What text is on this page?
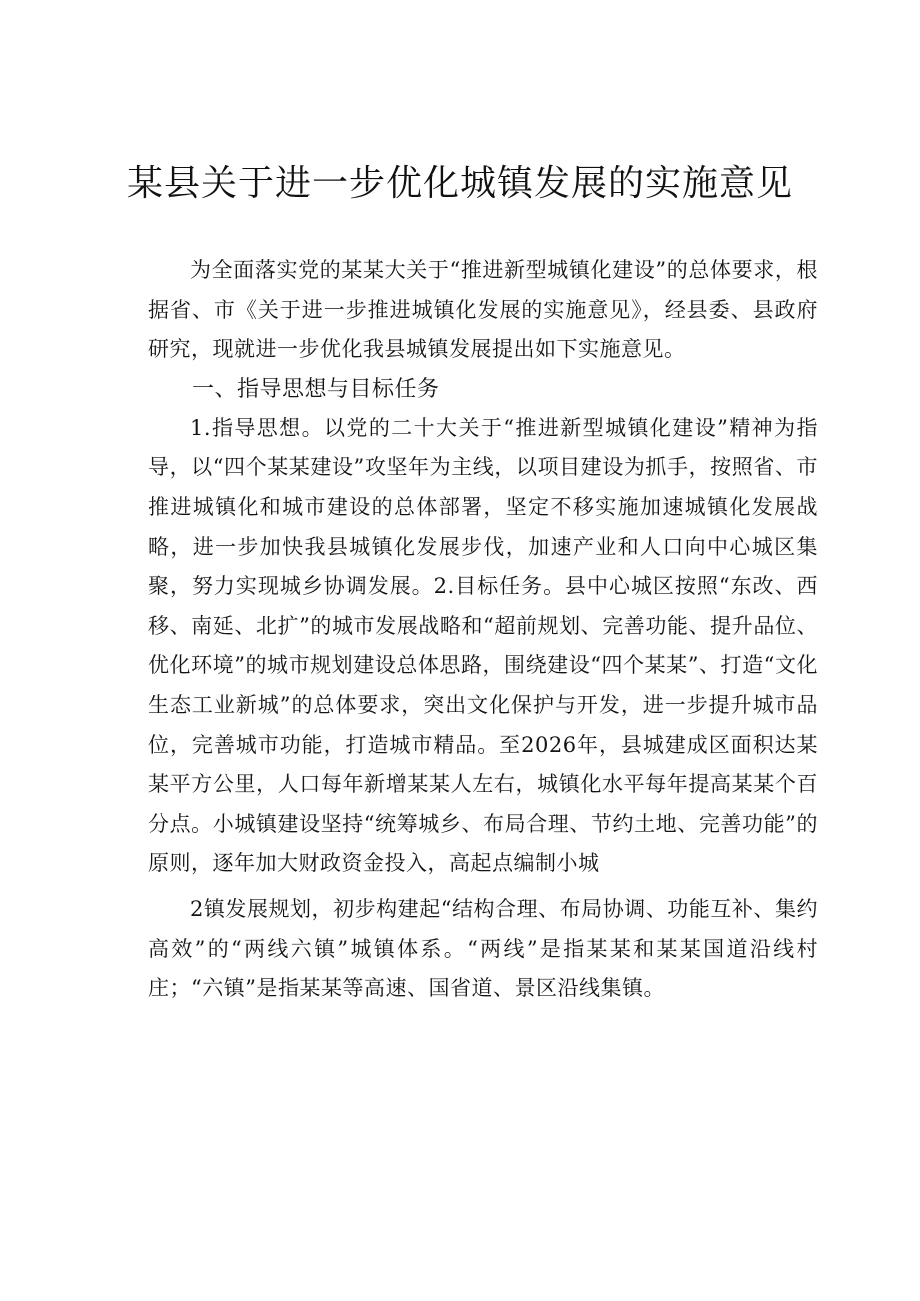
某县关于进一步优化城镇发展的实施意见

为全面落实党的某某大关于“推进新型城镇化建设”的总体要求，根据省、市《关于进一步推进城镇化发展的实施意见》，经县委、县政府研究，现就进一步优化我县城镇发展提出如下实施意见。

一、指导思想与目标任务

1.指导思想。以党的二十大关于“推进新型城镇化建设”精神为指导，以“四个某某建设”攻坚年为主线，以项目建设为抓手，按照省、市推进城镇化和城市建设的总体部署，坚定不移实施加速城镇化发展战略，进一步加快我县城镇化发展步伐，加速产业和人口向中心城区集聚，努力实现城乡协调发展。2.目标任务。县中心城区按照“东改、西移、南延、北扩”的城市发展战略和“超前规划、完善功能、提升品位、优化环境”的城市规划建设总体思路，围绕建设“四个某某”、打造“文化生态工业新城”的总体要求，突出文化保护与开发，进一步提升城市品位，完善城市功能，打造城市精品。至2026年，县城建成区面积达某某平方公里，人口每年新增某某人左右，城镇化水平每年提高某某个百分点。小城镇建设坚持“统筹城乡、布局合理、节约土地、完善功能”的原则，逐年加大财政资金投入，高起点编制小城

2镇发展规划，初步构建起“结构合理、布局协调、功能互补、集约高效”的“两线六镇”城镇体系。“两线”是指某某和某某国道沿线村庄；“六镇”是指某某等高速、国省道、景区沿线集镇。
